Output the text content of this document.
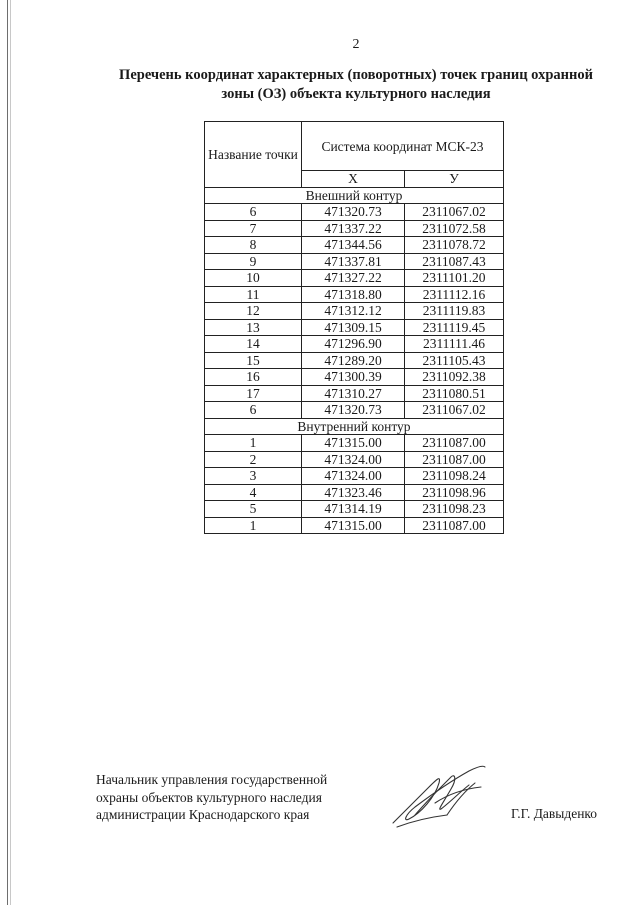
2
Перечень координат характерных (поворотных) точек границ охранной
зоны (ОЗ) объекта культурного наследия
Название точки	Система координат МСК-23	
	Х	У
Внешний контур		
6	471320.73	2311067.02
7	471337.22	2311072.58
8	471344.56	2311078.72
9	471337.81	2311087.43
10	471327.22	2311101.20
11	471318.80	2311112.16
12	471312.12	2311119.83
13	471309.15	2311119.45
14	471296.90	2311111.46
15	471289.20	2311105.43
16	471300.39	2311092.38
17	471310.27	2311080.51
6	471320.73	2311067.02
Внутренний контур		
1	471315.00	2311087.00
2	471324.00	2311087.00
3	471324.00	2311098.24
4	471323.46	2311098.96
5	471314.19	2311098.23
1	471315.00	2311087.00
Начальник управления государственной
охраны объектов культурного наследия
администрации Краснодарского края	Г.Г. Давыденко
